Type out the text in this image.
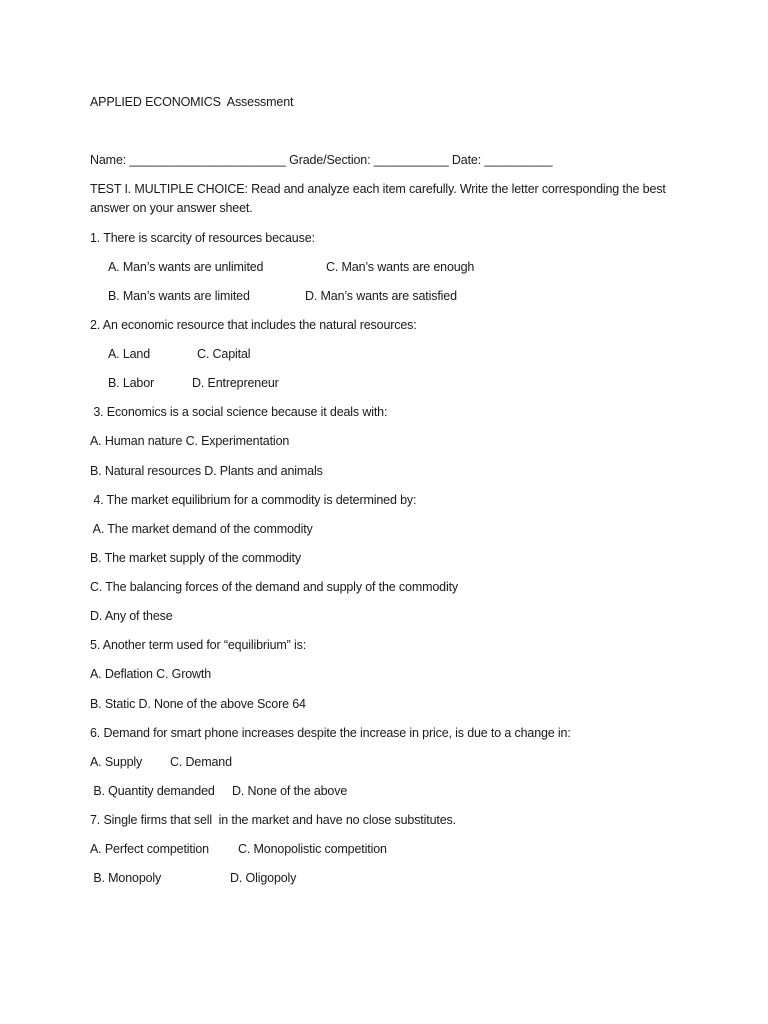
APPLIED ECONOMICS  Assessment
Name: _______________________ Grade/Section: ___________ Date: __________
TEST I. MULTIPLE CHOICE: Read and analyze each item carefully. Write the letter corresponding the best
answer on your answer sheet.
1. There is scarcity of resources because:
A. Man’s wants are unlimited	C. Man’s wants are enough
B. Man’s wants are limited	D. Man’s wants are satisfied
2. An economic resource that includes the natural resources:
A. Land	C. Capital
B. Labor	D. Entrepreneur
3. Economics is a social science because it deals with:
A. Human nature C. Experimentation
B. Natural resources D. Plants and animals
4. The market equilibrium for a commodity is determined by:
A. The market demand of the commodity
B. The market supply of the commodity
C. The balancing forces of the demand and supply of the commodity
D. Any of these
5. Another term used for “equilibrium” is:
A. Deflation C. Growth
B. Static D. None of the above Score 64
6. Demand for smart phone increases despite the increase in price, is due to a change in:
A. Supply C. Demand
B. Quantity demanded D. None of the above
7. Single firms that sell  in the market and have no close substitutes.
A. Perfect competition C. Monopolistic competition
B. Monopoly	D. Oligopoly
